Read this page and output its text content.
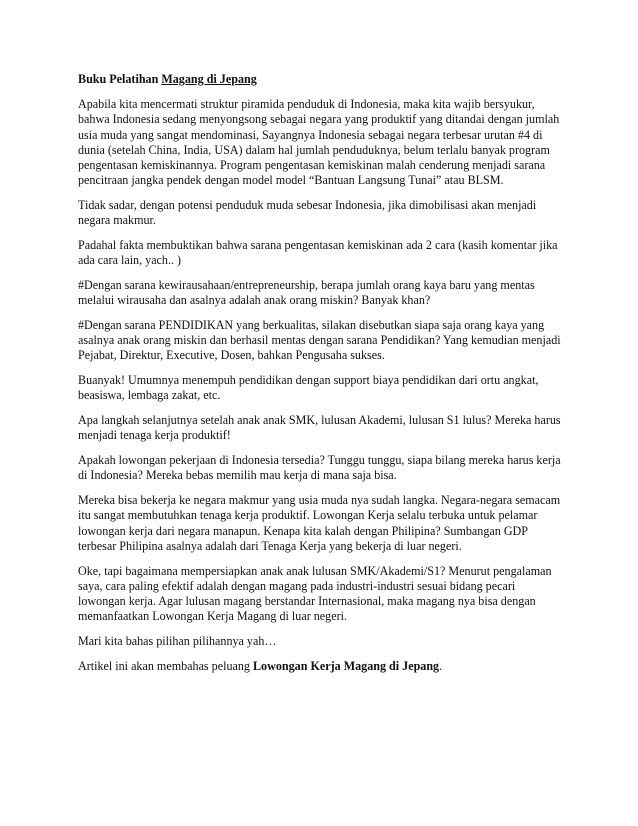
Buku Pelatihan Magang di Jepang

Apabila kita mencermati struktur piramida penduduk di Indonesia, maka kita wajib bersyukur, bahwa Indonesia sedang menyongsong sebagai negara yang produktif yang ditandai dengan jumlah usia muda yang sangat mendominasi, Sayangnya Indonesia sebagai negara terbesar urutan #4 di dunia (setelah China, India, USA) dalam hal jumlah penduduknya, belum terlalu banyak program pengentasan kemiskinannya. Program pengentasan kemiskinan malah cenderung menjadi sarana pencitraan jangka pendek dengan model model “Bantuan Langsung Tunai” atau BLSM.

Tidak sadar, dengan potensi penduduk muda sebesar Indonesia, jika dimobilisasi akan menjadi negara makmur.

Padahal fakta membuktikan bahwa sarana pengentasan kemiskinan ada 2 cara (kasih komentar jika ada cara lain, yach.. )

#Dengan sarana kewirausahaan/entrepreneurship, berapa jumlah orang kaya baru yang mentas melalui wirausaha dan asalnya adalah anak orang miskin? Banyak khan?

#Dengan sarana PENDIDIKAN yang berkualitas, silakan disebutkan siapa saja orang kaya yang asalnya anak orang miskin dan berhasil mentas dengan sarana Pendidikan? Yang kemudian menjadi Pejabat, Direktur, Executive, Dosen, bahkan Pengusaha sukses.

Buanyak! Umumnya menempuh pendidikan dengan support biaya pendidikan dari ortu angkat, beasiswa, lembaga zakat, etc.

Apa langkah selanjutnya setelah anak anak SMK, lulusan Akademi, lulusan S1 lulus? Mereka harus menjadi tenaga kerja produktif!

Apakah lowongan pekerjaan di Indonesia tersedia? Tunggu tunggu, siapa bilang mereka harus kerja di Indonesia? Mereka bebas memilih mau kerja di mana saja bisa.

Mereka bisa bekerja ke negara makmur yang usia muda nya sudah langka. Negara-negara semacam itu sangat membutuhkan tenaga kerja produktif. Lowongan Kerja selalu terbuka untuk pelamar lowongan kerja dari negara manapun. Kenapa kita kalah dengan Philipina? Sumbangan GDP terbesar Philipina asalnya adalah dari Tenaga Kerja yang bekerja di luar negeri.

Oke, tapi bagaimana mempersiapkan anak anak lulusan SMK/Akademi/S1? Menurut pengalaman saya, cara paling efektif adalah dengan magang pada industri-industri sesuai bidang pecari lowongan kerja. Agar lulusan magang berstandar Internasional, maka magang nya bisa dengan memanfaatkan Lowongan Kerja Magang di luar negeri.

Mari kita bahas pilihan pilihannya yah…

Artikel ini akan membahas peluang Lowongan Kerja Magang di Jepang.
